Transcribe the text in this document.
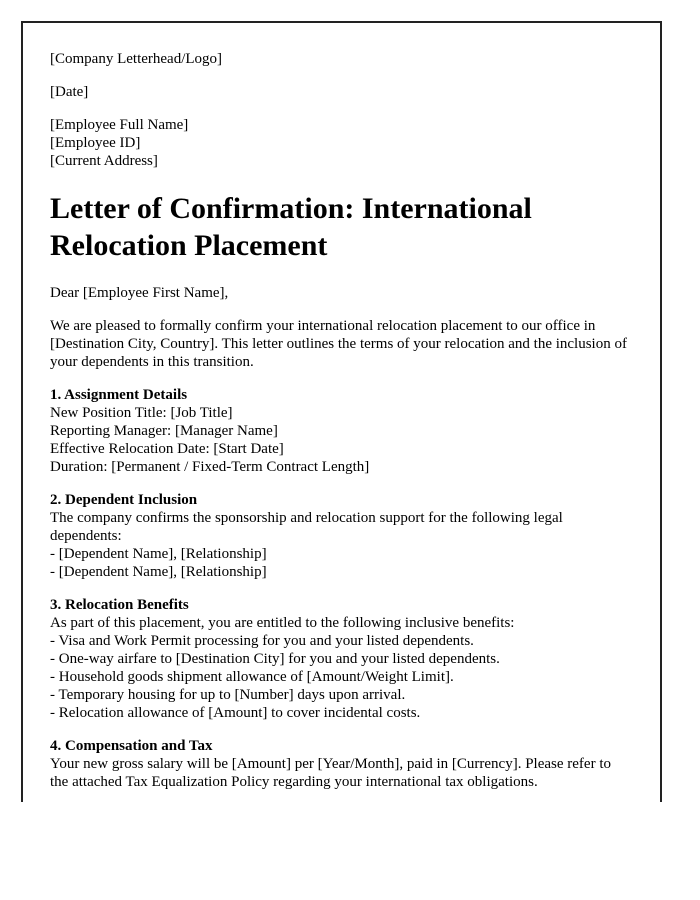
[Company Letterhead/Logo]

[Date]

[Employee Full Name]
[Employee ID]
[Current Address]

Letter of Confirmation: International Relocation Placement

Dear [Employee First Name],

We are pleased to formally confirm your international relocation placement to our office in [Destination City, Country]. This letter outlines the terms of your relocation and the inclusion of your dependents in this transition.

1. Assignment Details
New Position Title: [Job Title]
Reporting Manager: [Manager Name]
Effective Relocation Date: [Start Date]
Duration: [Permanent / Fixed-Term Contract Length]

2. Dependent Inclusion
The company confirms the sponsorship and relocation support for the following legal dependents:
- [Dependent Name], [Relationship]
- [Dependent Name], [Relationship]

3. Relocation Benefits
As part of this placement, you are entitled to the following inclusive benefits:
- Visa and Work Permit processing for you and your listed dependents.
- One-way airfare to [Destination City] for you and your listed dependents.
- Household goods shipment allowance of [Amount/Weight Limit].
- Temporary housing for up to [Number] days upon arrival.
- Relocation allowance of [Amount] to cover incidental costs.

4. Compensation and Tax
Your new gross salary will be [Amount] per [Year/Month], paid in [Currency]. Please refer to the attached Tax Equalization Policy regarding your international tax obligations.
